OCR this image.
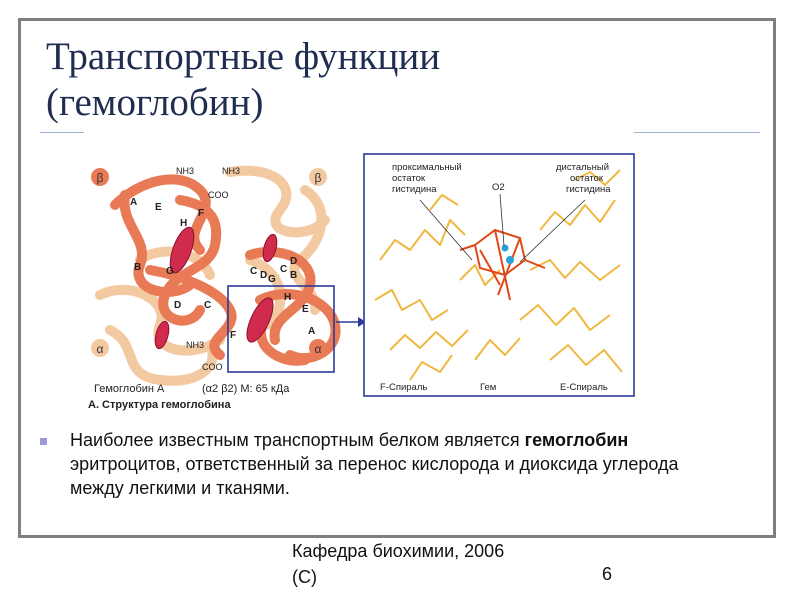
Транспортные функции
(гемоглобин)
β	β
α	α
NH3	NH3
COO
NH3
COO
A E
H
F
B G	C D
C
G
D
B
H
E
F	A
D C
Гемоглобин А	(α2 β2) M: 65 кДа
А. Структура гемоглобина
проксимальный
остаток
гистидина	O2
дистальный
остаток
гистидина
F-Спираль	Гем	E-Спираль
Наиболее известным транспортным белком является гемоглобин эритроцитов, ответственный за перенос кислорода и диоксида углерода между легкими и тканями.
Кафедра биохимии, 2006
(С)	6
